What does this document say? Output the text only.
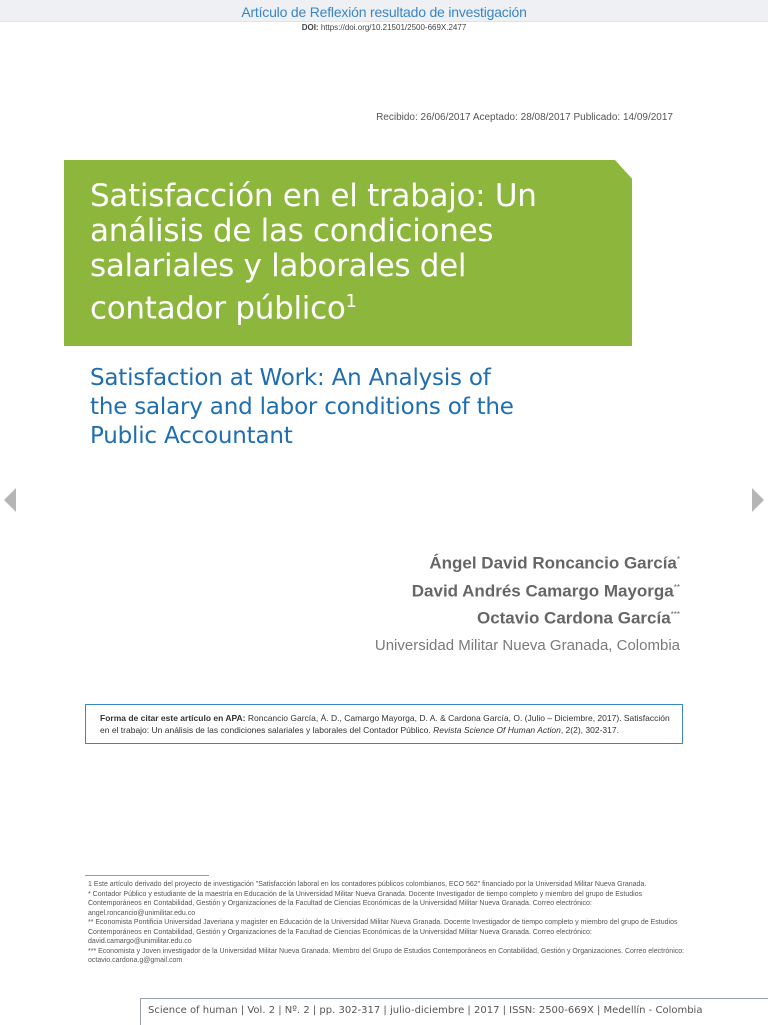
Artículo de Reflexión resultado de investigación
DOI: https://doi.org/10.21501/2500-669X.2477
Recibido: 26/06/2017 Aceptado: 28/08/2017 Publicado: 14/09/2017
Satisfacción en el trabajo: Un
análisis de las condiciones
salariales y laborales del
contador público$^1$
Satisfaction at Work: An Analysis of
the salary and labor conditions of the
Public Accountant
Ángel David Roncancio García*
David Andrés Camargo Mayorga**
Octavio Cardona García***
Universidad Militar Nueva Granada, Colombia
Forma de citar este artículo en APA: Roncancio García, Á. D., Camargo Mayorga, D. A. & Cardona García, O. (Julio – Diciembre, 2017). Satisfacción en el trabajo: Un análisis de las condiciones salariales y laborales del Contador Público. Revista Science Of Human Action, 2(2), 302-317.

1 Este artículo derivado del proyecto de investigación "Satisfacción laboral en los contadores públicos colombianos, ECO 562" financiado por la Universidad Militar Nueva Granada.

* Contador Público y estudiante de la maestría en Educación de la Universidad Militar Nueva Granada. Docente Investigador de tiempo completo y miembro del grupo de Estudios Contemporáneos en Contabilidad, Gestión y Organizaciones de la Facultad de Ciencias Económicas de la Universidad Militar Nueva Granada. Correo electrónico: angel.roncancio@unimilitar.edu.co

** Economista Pontificia Universidad Javeriana y magister en Educación de la Universidad Militar Nueva Granada. Docente Investigador de tiempo completo y miembro del grupo de Estudios Contemporáneos en Contabilidad, Gestión y Organizaciones de la Facultad de Ciencias Económicas de la Universidad Militar Nueva Granada. Correo electrónico: david.camargo@unimilitar.edu.co

*** Economista y Joven investigador de la Universidad Militar Nueva Granada. Miembro del Grupo de Estudios Contemporáneos en Contabilidad, Gestión y Organizaciones. Correo electrónico: octavio.cardona.g@gmail.com

Science of human | Vol. 2 | Nº. 2 | pp. 302-317 | julio-diciembre | 2017 | ISSN: 2500-669X | Medellín - Colombia
